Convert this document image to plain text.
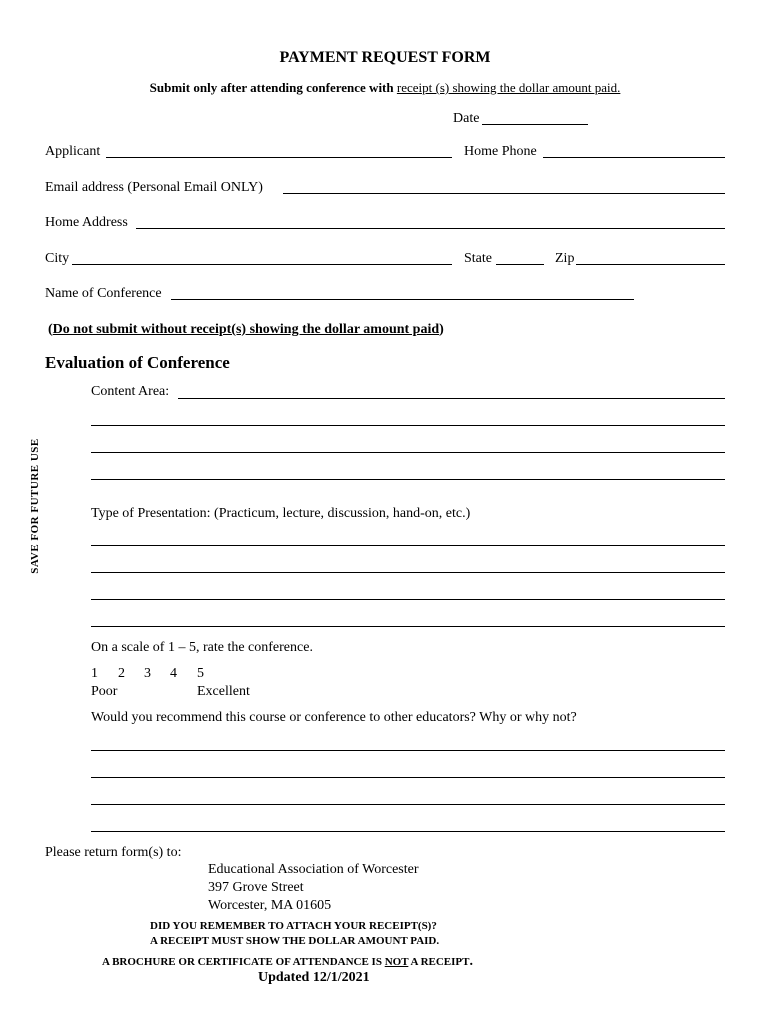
PAYMENT REQUEST FORM
Submit only after attending conference with receipt (s) showing the dollar amount paid.
Date
Applicant	Home Phone
Email address (Personal Email ONLY)
Home Address
City	State	Zip
Name of Conference
(Do not submit without receipt(s) showing the dollar amount paid)
SAVE FOR FUTURE USE
Evaluation of Conference
Content Area:
Type of Presentation: (Practicum, lecture, discussion, hand-on, etc.)
On a scale of 1 – 5, rate the conference.
1 2 3 4 5
Poor	Excellent
Would you recommend this course or conference to other educators? Why or why not?
Please return form(s) to:
Educational Association of Worcester
397 Grove Street
Worcester, MA 01605
DID YOU REMEMBER TO ATTACH YOUR RECEIPT(S)?
A RECEIPT MUST SHOW THE DOLLAR AMOUNT PAID.
A BROCHURE OR CERTIFICATE OF ATTENDANCE IS NOT A RECEIPT.
Updated 12/1/2021
